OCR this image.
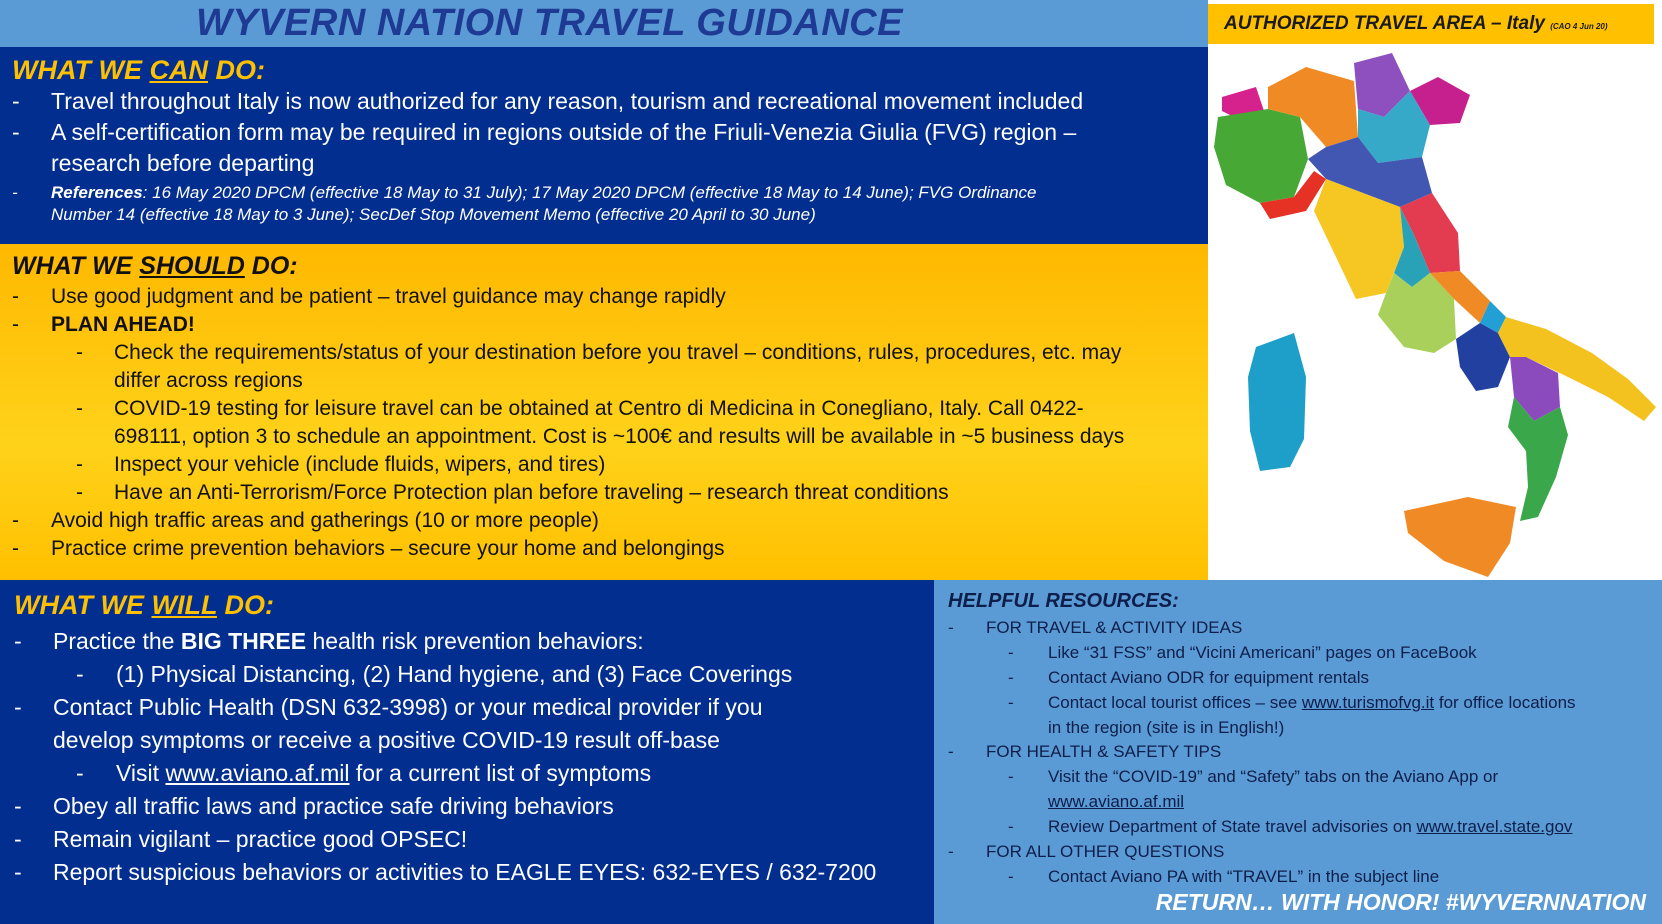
WYVERN NATION TRAVEL GUIDANCE	AUTHORIZED TRAVEL AREA – Italy (CAO 4 Jun 20)
WHAT WE CAN DO:
- Travel throughout Italy is now authorized for any reason, tourism and recreational movement included
- A self-certification form may be required in regions outside of the Friuli-Venezia Giulia (FVG) region –
research before departing
- References: 16 May 2020 DPCM (effective 18 May to 31 July); 17 May 2020 DPCM (effective 18 May to 14 June); FVG Ordinance
Number 14 (effective 18 May to 3 June); SecDef Stop Movement Memo (effective 20 April to 30 June)
WHAT WE SHOULD DO:
- Use good judgment and be patient – travel guidance may change rapidly
- PLAN AHEAD!
- Check the requirements/status of your destination before you travel – conditions, rules, procedures, etc. may
differ across regions
- COVID-19 testing for leisure travel can be obtained at Centro di Medicina in Conegliano, Italy. Call 0422-
698111, option 3 to schedule an appointment. Cost is ~100€ and results will be available in ~5 business days
- Inspect your vehicle (include fluids, wipers, and tires)
- Have an Anti-Terrorism/Force Protection plan before traveling – research threat conditions
- Avoid high traffic areas and gatherings (10 or more people)
- Practice crime prevention behaviors – secure your home and belongings
WHAT WE WILL DO:
- Practice the BIG THREE health risk prevention behaviors:
- (1) Physical Distancing, (2) Hand hygiene, and (3) Face Coverings
- Contact Public Health (DSN 632-3998) or your medical provider if you
develop symptoms or receive a positive COVID-19 result off-base
- Visit www.aviano.af.mil for a current list of symptoms
- Obey all traffic laws and practice safe driving behaviors
- Remain vigilant – practice good OPSEC!
- Report suspicious behaviors or activities to EAGLE EYES: 632-EYES / 632-7200
HELPFUL RESOURCES:
- FOR TRAVEL & ACTIVITY IDEAS
- Like “31 FSS” and “Vicini Americani” pages on FaceBook
- Contact Aviano ODR for equipment rentals
- Contact local tourist offices – see www.turismofvg.it for office locations
in the region (site is in English!)
- FOR HEALTH & SAFETY TIPS
- Visit the “COVID-19” and “Safety” tabs on the Aviano App or
www.aviano.af.mil
- Review Department of State travel advisories on www.travel.state.gov
- FOR ALL OTHER QUESTIONS
- Contact Aviano PA with “TRAVEL” in the subject line
RETURN… WITH HONOR! #WYVERNNATION
